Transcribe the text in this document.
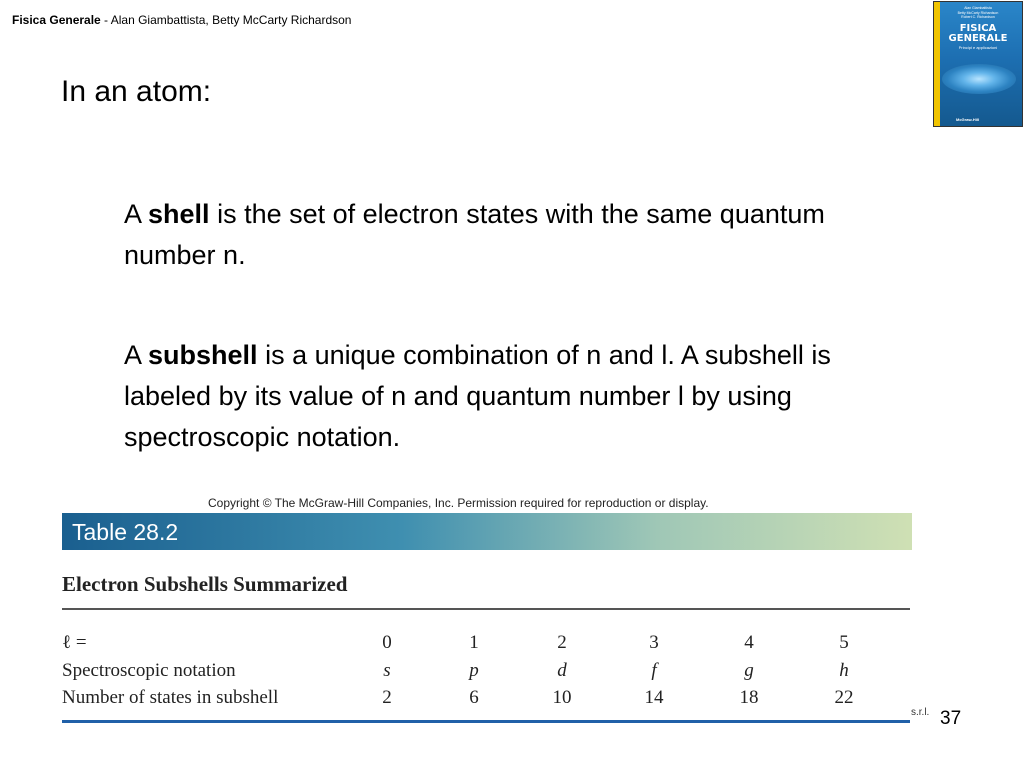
Fisica Generale - Alan Giambattista, Betty McCarty Richardson
Alan Giambattista
Betty McCarty Richardson
Robert C. Richardson
FISICA
GENERALE
Principi e applicazioni
McGraw-Hill
In an atom:
A shell is the set of electron states with the same quantum number n.
A subshell is a unique combination of n and l. A subshell is labeled by its value of n and quantum number l by using spectroscopic notation.
Copyright © The McGraw-Hill Companies, Inc. Permission required for reproduction or display.
Table 28.2
Electron Subshells Summarized
ℓ =	0	1	2	3	4	5
Spectroscopic notation	s	p	d	f	g	h
Number of states in subshell	2	6	10	14	18	22
s.r.l. 37
